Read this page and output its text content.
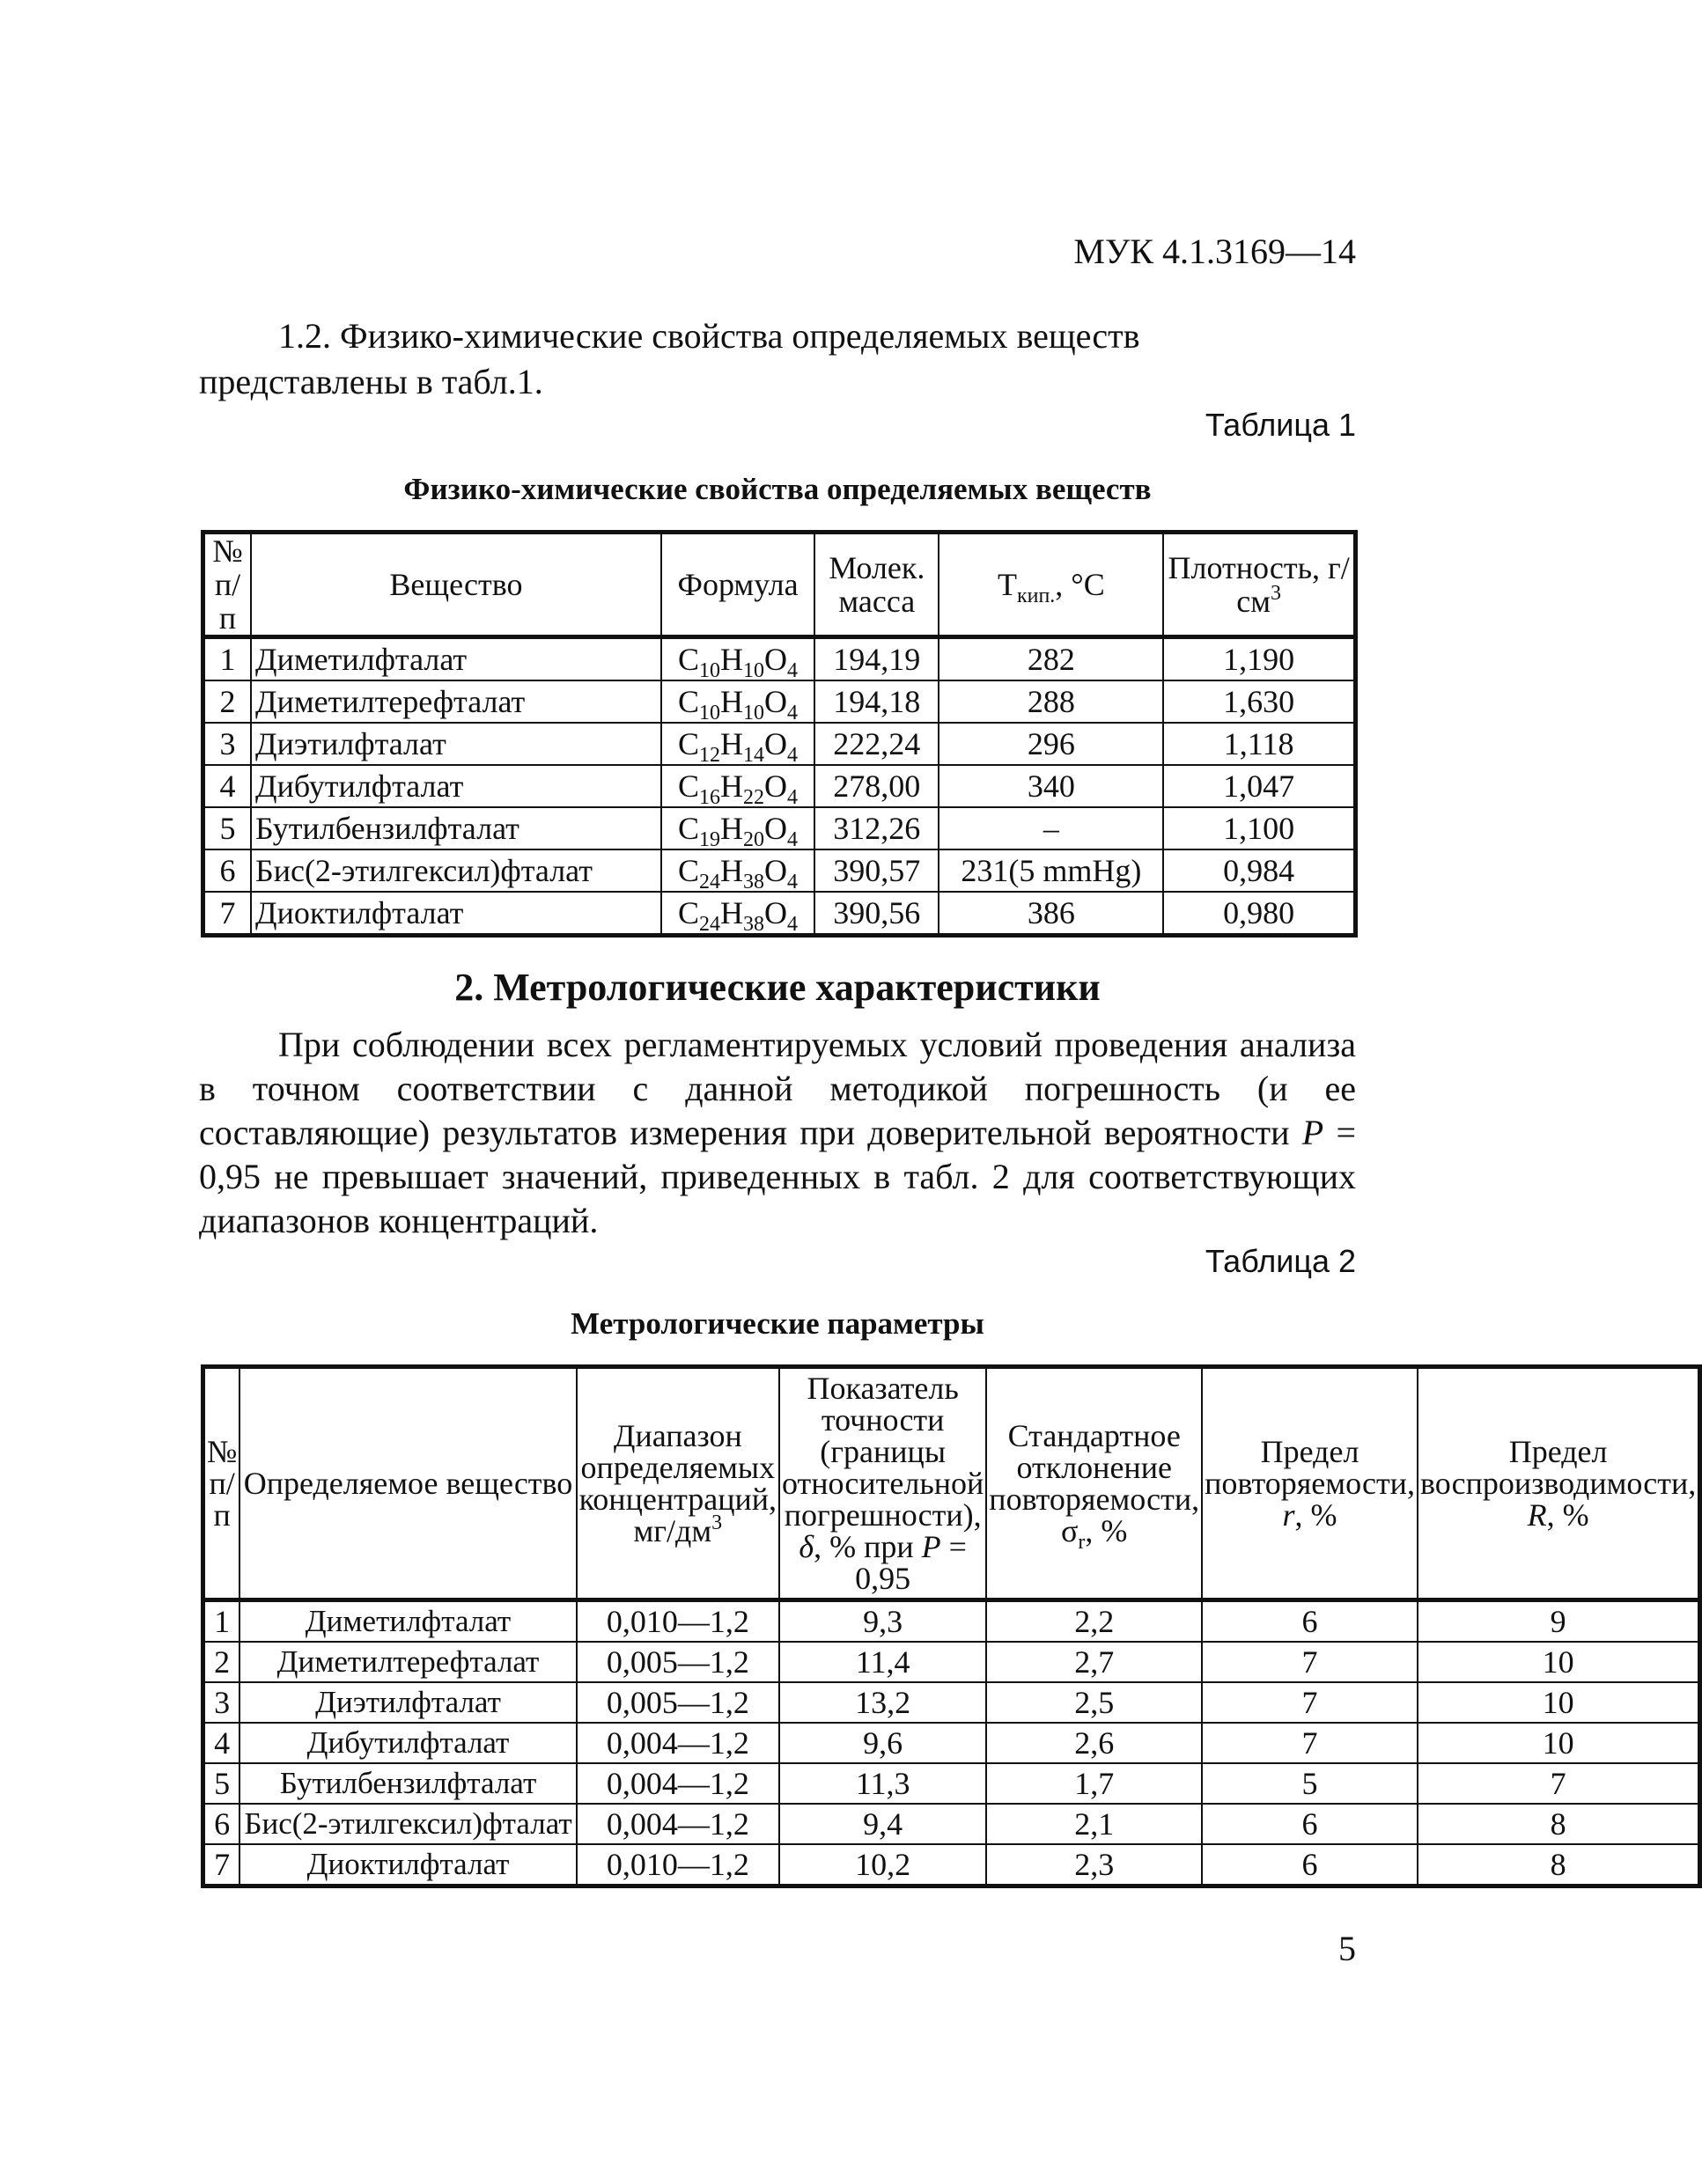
МУК 4.1.3169—14
1.2. Физико-химические свойства определяемых веществ представлены в табл.1.
Таблица 1
Физико-химические свойства определяемых веществ
№ п/п	Вещество	Формула	Молек. масса	$Т_{кип.}$, °С	Плотность, $г/см^3$
1	Диметилфталат	$C_{10}H_{10}O_4$	194,19	282	1,190
2	Диметилтерефталат	$C_{10}H_{10}O_4$	194,18	288	1,630
3	Диэтилфталат	$C_{12}H_{14}O_4$	222,24	296	1,118
4	Дибутилфталат	$C_{16}H_{22}O_4$	278,00	340	1,047
5	Бутилбензилфталат	$C_{19}H_{20}O_4$	312,26	–	1,100
6	Бис(2-этилгексил)фталат	$C_{24}H_{38}O_4$	390,57	231(5 mmHg)	0,984
7	Диоктилфталат	$C_{24}H_{38}O_4$	390,56	386	0,980
2. Метрологические характеристики
При соблюдении всех регламентируемых условий проведения анализа в точном соответствии с данной методикой погрешность (и ее составляющие) результатов измерения при доверительной вероятности P = 0,95 не превышает значений, приведенных в табл. 2 для соответствующих диапазонов концентраций.
Таблица 2
Метрологические параметры
№ п/п	Определяемое вещество	Диапазон определяемых концентраций, $мг/дм^3$	Показатель точности (границы относительной погрешности), δ, % при P = 0,95	Стандартное отклонение повторяемости, $\sigma_r$, %	Предел повторяемости, r, %	Предел воспроизводимости, R, %
1	Диметилфталат	0,010—1,2	9,3	2,2	6	9
2	Диметилтерефталат	0,005—1,2	11,4	2,7	7	10
3	Диэтилфталат	0,005—1,2	13,2	2,5	7	10
4	Дибутилфталат	0,004—1,2	9,6	2,6	7	10
5	Бутилбензилфталат	0,004—1,2	11,3	1,7	5	7
6	Бис(2-этилгексил)фталат	0,004—1,2	9,4	2,1	6	8
7	Диоктилфталат	0,010—1,2	10,2	2,3	6	8
5
